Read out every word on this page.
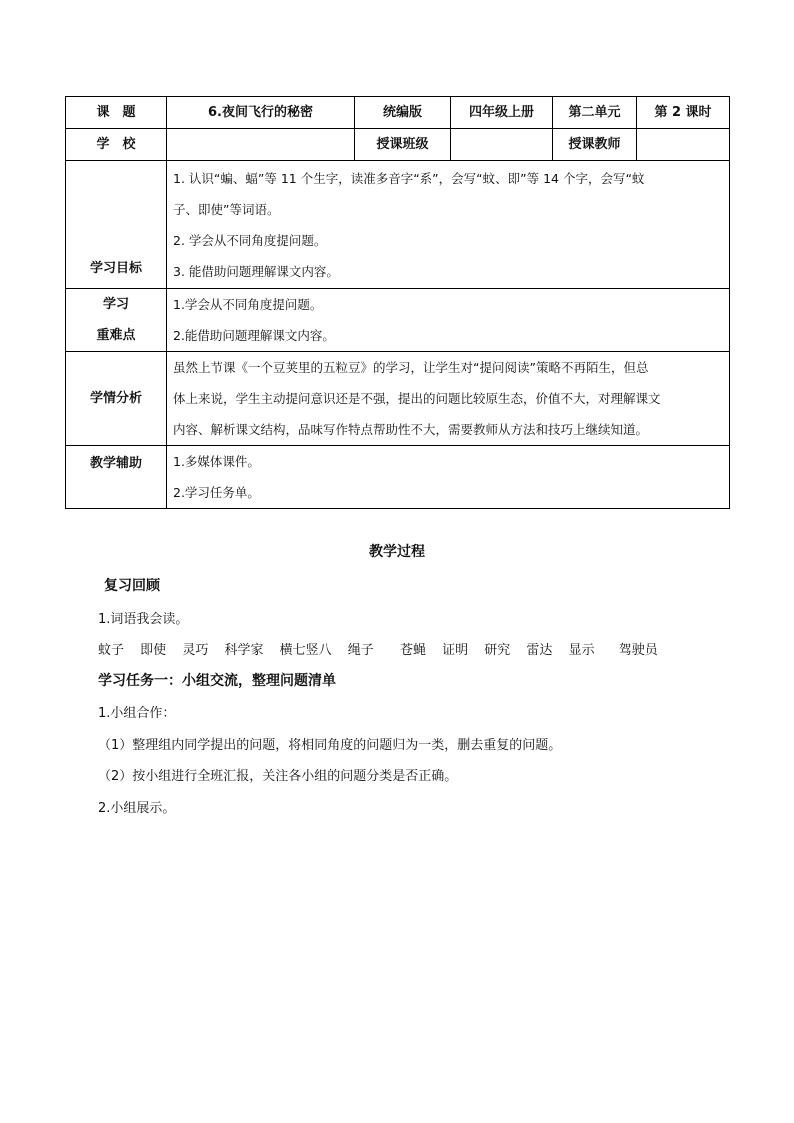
课　题	6.夜间飞行的秘密	统编版	四年级上册	第二单元	第 2 课时
学　校		授课班级		授课教师	
学习目标	1. 认识“蝙、蝠”等 11 个生字，读准多音字“系”，会写“蚊、即”等 14 个字，会写“蚊
子、即使”等词语。
2. 学会从不同角度提问题。
3. 能借助问题理解课文内容。				

学习
重难点	1.学会从不同角度提问题。
2.能借助问题理解课文内容。				

学情分析	虽然上节课《一个豆荚里的五粒豆》的学习，让学生对“提问阅读”策略不再陌生，但总
体上来说，学生主动提问意识还是不强，提出的问题比较原生态，价值不大，对理解课文
内容、解析课文结构，品味写作特点帮助性不大，需要教师从方法和技巧上继续知道。				

教学辅助	1.多媒体课件。
2.学习任务单。				
教学过程
复习回顾
1.词语我会读。
蚊子 即使 灵巧 科学家 横七竖八 绳子 苍蝇 证明 研究 雷达 显示 驾驶员
学习任务一：小组交流，整理问题清单
1.小组合作：
（1）整理组内同学提出的问题，将相同角度的问题归为一类，删去重复的问题。
（2）按小组进行全班汇报，关注各小组的问题分类是否正确。
2.小组展示。
